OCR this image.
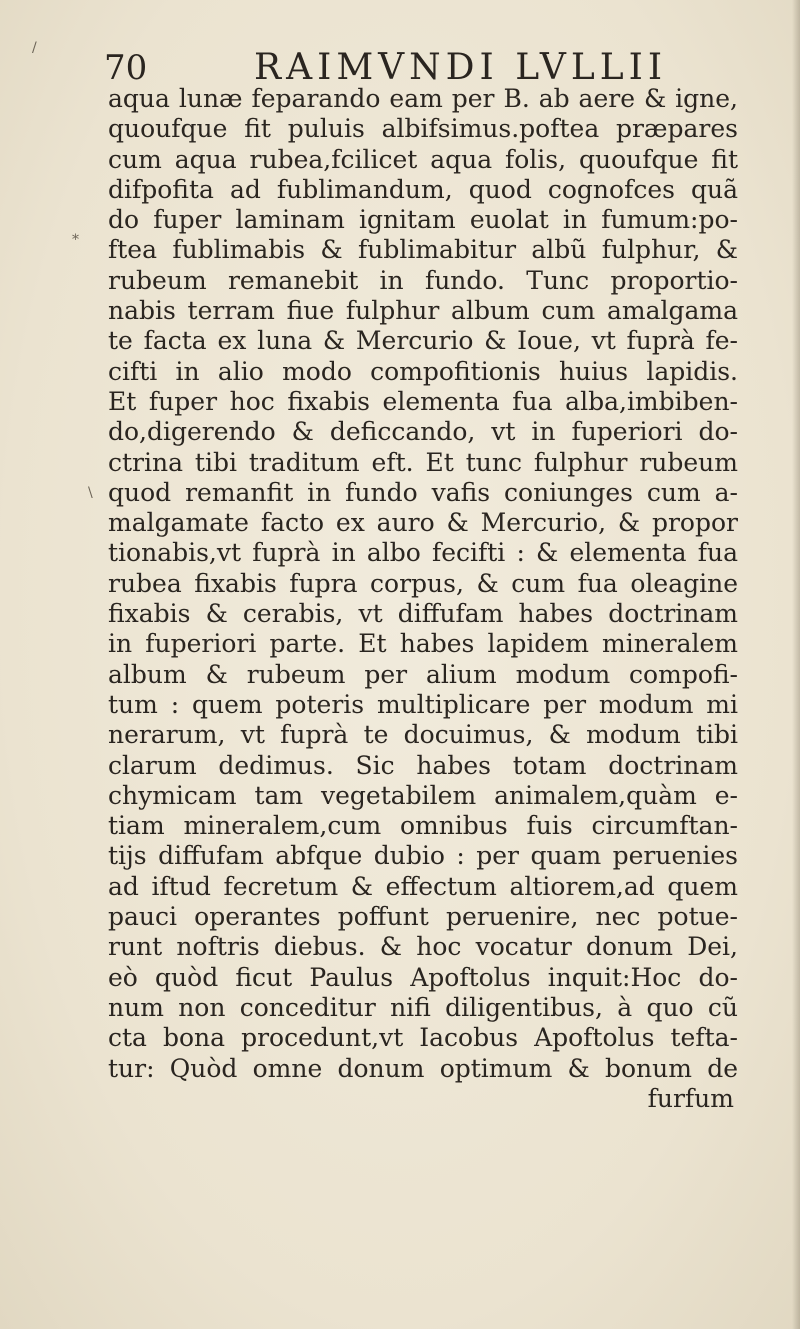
70	RAIMVNDI LVLLII
aqua lunæ feparando eam per B. ab aere & igne,
quoufque fit puluis albifsimus.poftea præpares
cum aqua rubea,fcilicet aqua folis, quoufque fit
difpofita ad fublimandum, quod cognofces quã
do fuper laminam ignitam euolat in fumum:po-
ftea fublimabis & fublimabitur albũ fulphur, &
rubeum remanebit in fundo. Tunc proportio-
nabis terram fiue fulphur album cum amalgama
te facta ex luna & Mercurio & Ioue, vt fuprà fe-
cifti in alio modo compofitionis huius lapidis.
Et fuper hoc fixabis elementa fua alba,imbiben-
do,digerendo & deficcando, vt in fuperiori do-
ctrina tibi traditum eft. Et tunc fulphur rubeum
quod remanfit in fundo vafis coniunges cum a-
malgamate facto ex auro & Mercurio, & propor
tionabis,vt fuprà in albo fecifti : & elementa fua
rubea fixabis fupra corpus, & cum fua oleagine
fixabis & cerabis, vt diffufam habes doctrinam
in fuperiori parte. Et habes lapidem mineralem
album & rubeum per alium modum compofi-
tum : quem poteris multiplicare per modum mi
nerarum, vt fuprà te docuimus, & modum tibi
clarum dedimus. Sic habes totam doctrinam
chymicam tam vegetabilem animalem,quàm e-
tiam mineralem,cum omnibus fuis circumftan-
tijs diffufam abfque dubio : per quam peruenies
ad iftud fecretum & effectum altiorem,ad quem
pauci operantes poffunt peruenire, nec potue-
runt noftris diebus. & hoc vocatur donum Dei,
eò quòd ficut Paulus Apoftolus inquit:Hoc do-
num non conceditur nifi diligentibus, à quo cũ
cta bona procedunt,vt Iacobus Apoftolus tefta-
tur: Quòd omne donum optimum & bonum de
furfum
/
*
\
